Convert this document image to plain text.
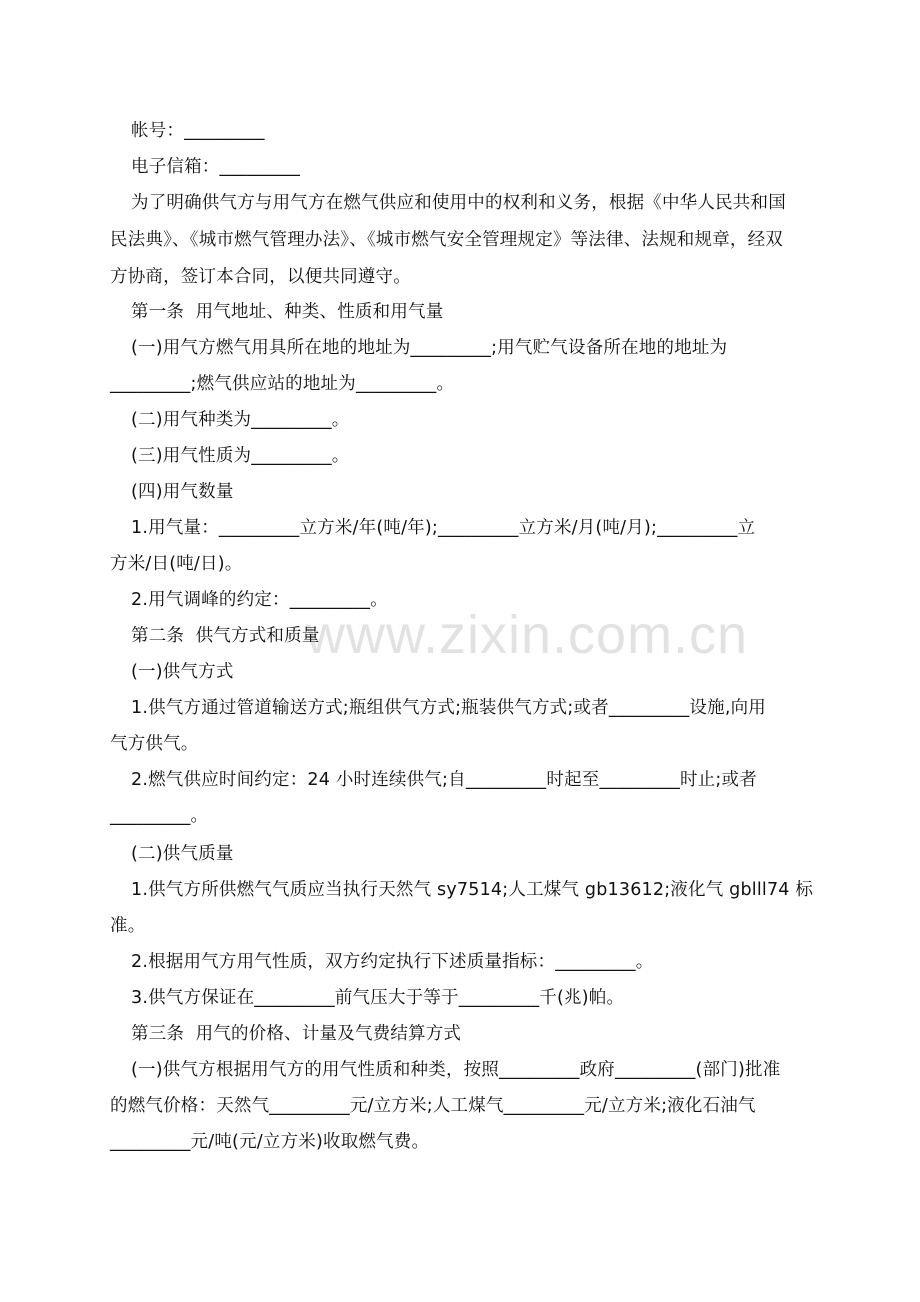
www.zixin.com.cn
帐号：_________
电子信箱：_________
为了明确供气方与用气方在燃气供应和使用中的权利和义务，根据《中华人民共和国
民法典》、《城市燃气管理办法》、《城市燃气安全管理规定》等法律、法规和规章，经双
方协商，签订本合同，以便共同遵守。
第一条  用气地址、种类、性质和用气量
(一)用气方燃气用具所在地的地址为_________;用气贮气设备所在地的地址为
_________;燃气供应站的地址为_________。
(二)用气种类为_________。
(三)用气性质为_________。
(四)用气数量
1.用气量：_________立方米/年(吨/年);_________立方米/月(吨/月);_________立
方米/日(吨/日)。
2.用气调峰的约定：_________。
第二条  供气方式和质量
(一)供气方式
1.供气方通过管道输送方式;瓶组供气方式;瓶装供气方式;或者_________设施,向用
气方供气。
2.燃气供应时间约定：24 小时连续供气;自_________时起至_________时止;或者
_________。
(二)供气质量
1.供气方所供燃气气质应当执行天然气 sy7514;人工煤气 gb13612;液化气 gblll74 标
准。
2.根据用气方用气性质，双方约定执行下述质量指标：_________。
3.供气方保证在_________前气压大于等于_________千(兆)帕。
第三条  用气的价格、计量及气费结算方式
(一)供气方根据用气方的用气性质和种类，按照_________政府_________(部门)批准
的燃气价格：天然气_________元/立方米;人工煤气_________元/立方米;液化石油气
_________元/吨(元/立方米)收取燃气费。
